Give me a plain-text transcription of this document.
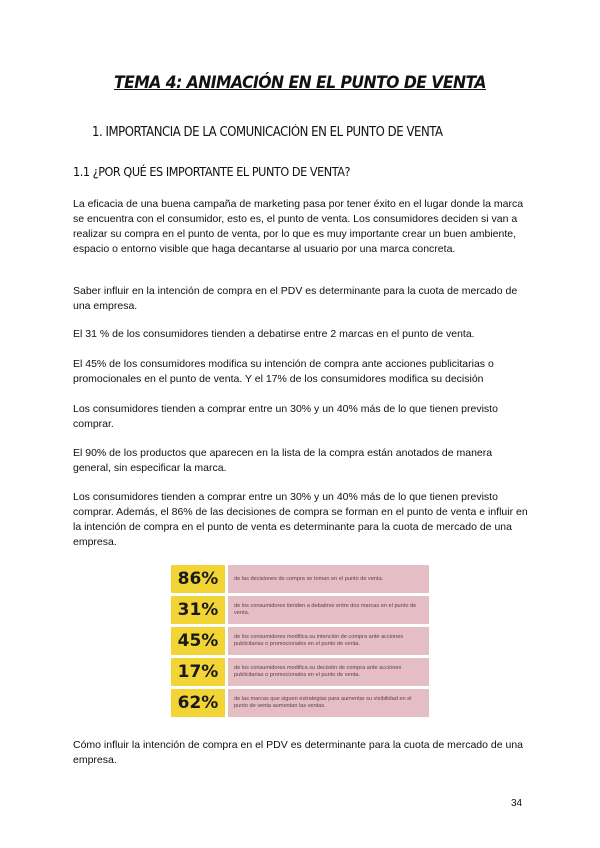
TEMA 4: ANIMACIÓN EN EL PUNTO DE VENTA
1. IMPORTANCIA DE LA COMUNICACIÓN EN EL PUNTO DE VENTA
1.1 ¿POR QUÉ ES IMPORTANTE EL PUNTO DE VENTA?

La eficacia de una buena campaña de marketing pasa por tener éxito en el lugar donde la marca se encuentra con el consumidor, esto es, el punto de venta. Los consumidores deciden si van a realizar su compra en el punto de venta, por lo que es muy importante crear un buen ambiente, espacio o entorno visible que haga decantarse al usuario por una marca concreta.

Saber influir en la intención de compra en el PDV es determinante para la cuota de mercado de una empresa.

El 31 % de los consumidores tienden a debatirse entre 2 marcas en el punto de venta.

El 45% de los consumidores modifica su intención de compra ante acciones publicitarias o promocionales en el punto de venta. Y el 17% de los consumidores modifica su decisión

Los consumidores tienden a comprar entre un 30% y un 40% más de lo que tienen previsto comprar.

El 90% de los productos que aparecen en la lista de la compra están anotados de manera general, sin especificar la marca.

Los consumidores tienden a comprar entre un 30% y un 40% más de lo que tienen previsto comprar. Además, el 86% de las decisiones de compra se forman en el punto de venta e influir en la intención de compra en el punto de venta es determinante para la cuota de mercado de una empresa.

86%	de las decisiones de compra se toman en el punto de venta.
31%	de los consumidores tienden a debatirse entre dos marcas en el punto de venta.
45%	de los consumidores modifica su intención de compra ante acciones publicitarias o promocionales en el punto de venta.
17%	de los consumidores modifica su decisión de compra ante acciones publicitarias o promocionales en el punto de venta.
62%	de las marcas que siguen estrategias para aumentar su visibilidad en el punto de venta aumentan las ventas.

Cómo influir la intención de compra en el PDV es determinante para la cuota de mercado de una empresa.

34
